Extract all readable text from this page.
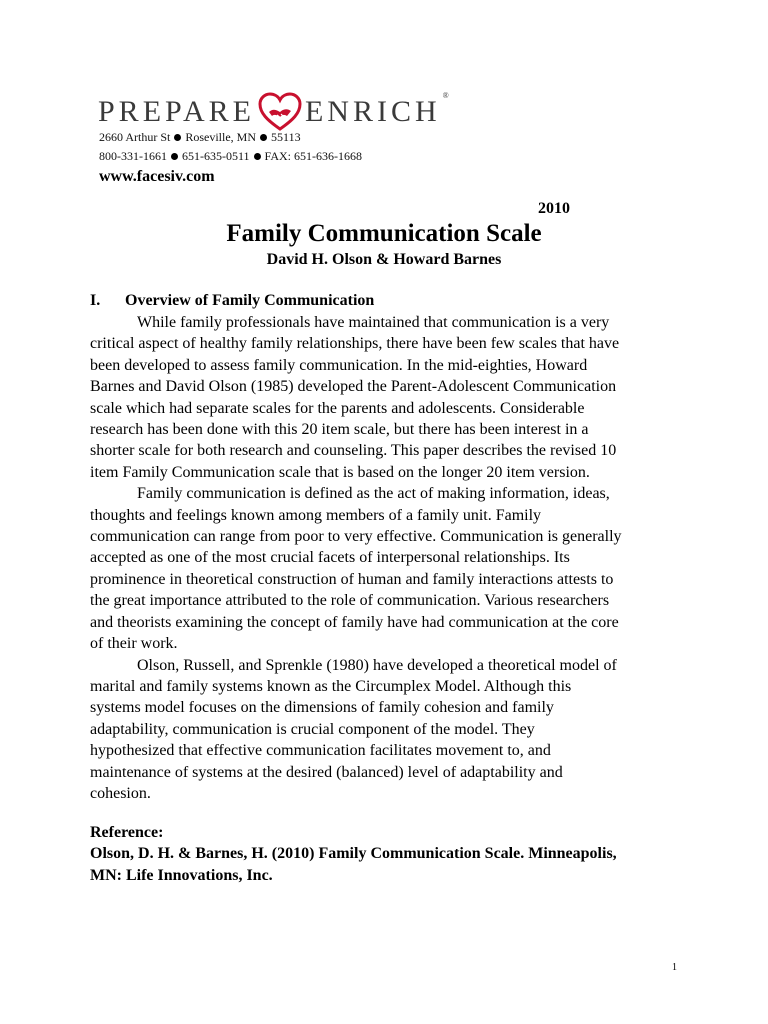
PREPARE ENRICH ®
2660 Arthur St Roseville, MN 55113
800-331-1661 651-635-0511 FAX: 651-636-1668
www.facesiv.com
2010
Family Communication Scale
David H. Olson & Howard Barnes
I. Overview of Family Communication

While family professionals have maintained that communication is a very

critical aspect of healthy family relationships, there have been few scales that have

been developed to assess family communication. In the mid-eighties, Howard

Barnes and David Olson (1985) developed the Parent-Adolescent Communication

scale which had separate scales for the parents and adolescents. Considerable

research has been done with this 20 item scale, but there has been interest in a

shorter scale for both research and counseling. This paper describes the revised 10

item Family Communication scale that is based on the longer 20 item version.

Family communication is defined as the act of making information, ideas,

thoughts and feelings known among members of a family unit. Family

communication can range from poor to very effective. Communication is generally

accepted as one of the most crucial facets of interpersonal relationships. Its

prominence in theoretical construction of human and family interactions attests to

the great importance attributed to the role of communication. Various researchers

and theorists examining the concept of family have had communication at the core

of their work.

Olson, Russell, and Sprenkle (1980) have developed a theoretical model of

marital and family systems known as the Circumplex Model. Although this

systems model focuses on the dimensions of family cohesion and family

adaptability, communication is crucial component of the model. They

hypothesized that effective communication facilitates movement to, and

maintenance of systems at the desired (balanced) level of adaptability and

cohesion.

Reference:
Olson, D. H. & Barnes, H. (2010) Family Communication Scale. Minneapolis,
MN: Life Innovations, Inc.
1
